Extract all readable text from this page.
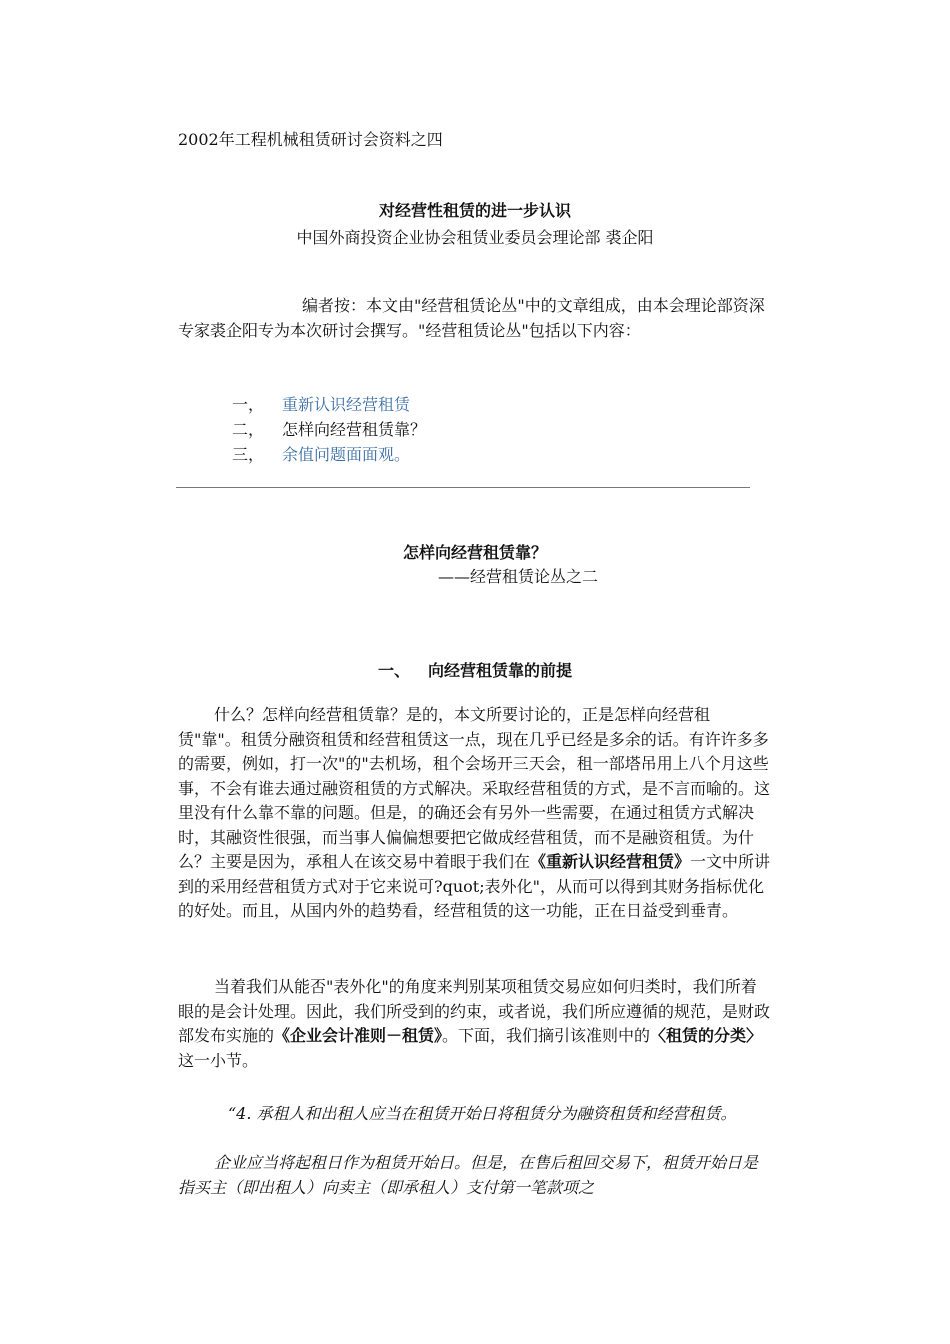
2002年工程机械租赁研讨会资料之四
对经营性租赁的进一步认识
中国外商投资企业协会租赁业委员会理论部 裘企阳
编者按：本文由"经营租赁论丛"中的文章组成，由本会理论部资深专家裘企阳专为本次研讨会撰写。"经营租赁论丛"包括以下内容：
一，	重新认识经营租赁
二，	怎样向经营租赁靠？
三，	余值问题面面观。
怎样向经营租赁靠？
——经营租赁论丛之二
一、 向经营租赁靠的前提
什么？怎样向经营租赁靠？是的，本文所要讨论的，正是怎样向经营租赁"靠"。租赁分融资租赁和经营租赁这一点，现在几乎已经是多余的话。有许许多多的需要，例如，打一次"的"去机场，租个会场开三天会，租一部塔吊用上八个月这些事，不会有谁去通过融资租赁的方式解决。采取经营租赁的方式，是不言而喻的。这里没有什么靠不靠的问题。但是，的确还会有另外一些需要，在通过租赁方式解决时，其融资性很强，而当事人偏偏想要把它做成经营租赁，而不是融资租赁。为什么？主要是因为，承租人在该交易中着眼于我们在《重新认识经营租赁》一文中所讲到的采用经营租赁方式对于它来说可?quot;表外化"，从而可以得到其财务指标优化的好处。而且，从国内外的趋势看，经营租赁的这一功能，正在日益受到垂青。
当着我们从能否"表外化"的角度来判别某项租赁交易应如何归类时，我们所着眼的是会计处理。因此，我们所受到的约束，或者说，我们所应遵循的规范，是财政部发布实施的《企业会计准则－租赁》。下面，我们摘引该准则中的〈租赁的分类〉这一小节。
“4. 承租人和出租人应当在租赁开始日将租赁分为融资租赁和经营租赁。
企业应当将起租日作为租赁开始日。但是，在售后租回交易下，租赁开始日是指买主（即出租人）向卖主（即承租人）支付第一笔款项之
